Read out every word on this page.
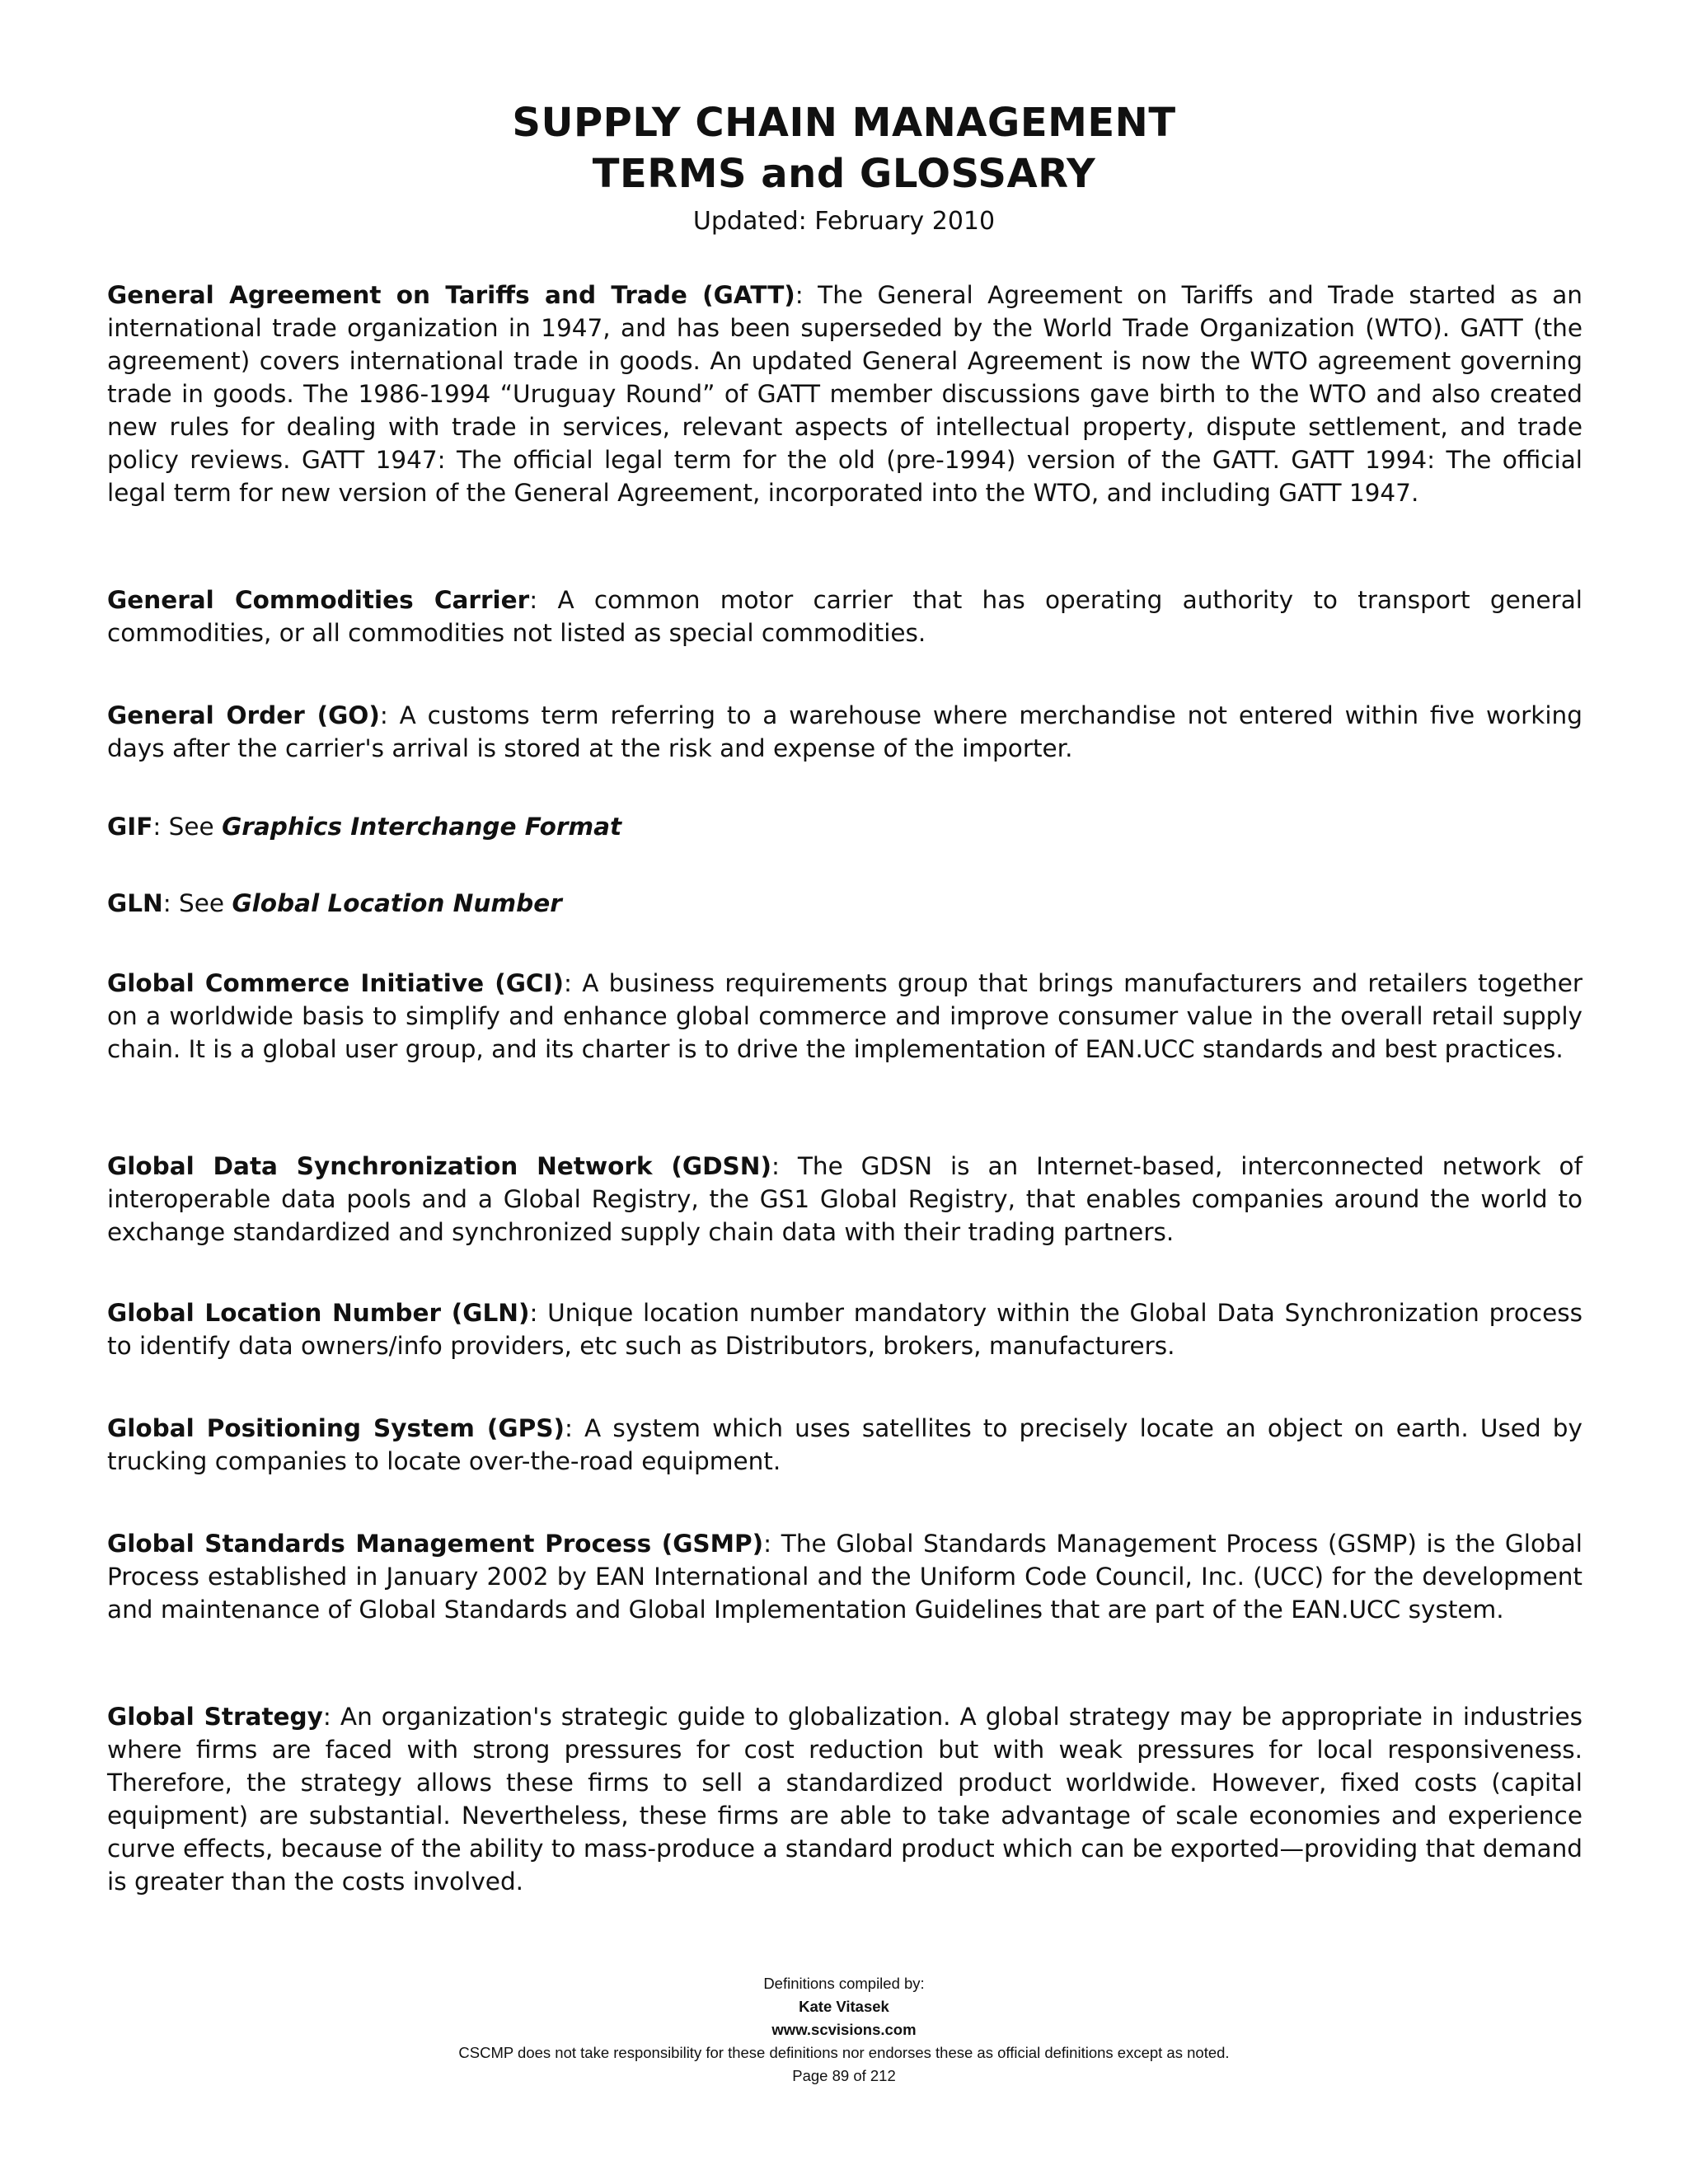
SUPPLY CHAIN MANAGEMENT
TERMS and GLOSSARY
Updated: February 2010

General Agreement on Tariffs and Trade (GATT): The General Agreement on Tariffs and Trade started as an international trade organization in 1947, and has been superseded by the World Trade Organization (WTO). GATT (the agreement) covers international trade in goods. An updated General Agreement is now the WTO agreement governing trade in goods. The 1986-1994 “Uruguay Round” of GATT member discussions gave birth to the WTO and also created new rules for dealing with trade in services, relevant aspects of intellectual property, dispute settlement, and trade policy reviews. GATT 1947: The official legal term for the old (pre-1994) version of the GATT. GATT 1994: The official legal term for new version of the General Agreement, incorporated into the WTO, and including GATT 1947.

General Commodities Carrier: A common motor carrier that has operating authority to transport general commodities, or all commodities not listed as special commodities.

General Order (GO): A customs term referring to a warehouse where merchandise not entered within five working days after the carrier's arrival is stored at the risk and expense of the importer.

GIF: See Graphics Interchange Format

GLN: See Global Location Number

Global Commerce Initiative (GCI): A business requirements group that brings manufacturers and retailers together on a worldwide basis to simplify and enhance global commerce and improve consumer value in the overall retail supply chain. It is a global user group, and its charter is to drive the implementation of EAN.UCC standards and best practices.

Global Data Synchronization Network (GDSN): The GDSN is an Internet-based, interconnected network of interoperable data pools and a Global Registry, the GS1 Global Registry, that enables companies around the world to exchange standardized and synchronized supply chain data with their trading partners.

Global Location Number (GLN): Unique location number mandatory within the Global Data Synchronization process to identify data owners/info providers, etc such as Distributors, brokers, manufacturers.

Global Positioning System (GPS): A system which uses satellites to precisely locate an object on earth. Used by trucking companies to locate over-the-road equipment.

Global Standards Management Process (GSMP): The Global Standards Management Process (GSMP) is the Global Process established in January 2002 by EAN International and the Uniform Code Council, Inc. (UCC) for the development and maintenance of Global Standards and Global Implementation Guidelines that are part of the EAN.UCC system.

Global Strategy: An organization's strategic guide to globalization. A global strategy may be appropriate in industries where firms are faced with strong pressures for cost reduction but with weak pressures for local responsiveness. Therefore, the strategy allows these firms to sell a standardized product worldwide. However, fixed costs (capital equipment) are substantial. Nevertheless, these firms are able to take advantage of scale economies and experience curve effects, because of the ability to mass-produce a standard product which can be exported—providing that demand is greater than the costs involved.

Definitions compiled by:
Kate Vitasek
www.scvisions.com
CSCMP does not take responsibility for these definitions nor endorses these as official definitions except as noted.
Page 89 of 212
